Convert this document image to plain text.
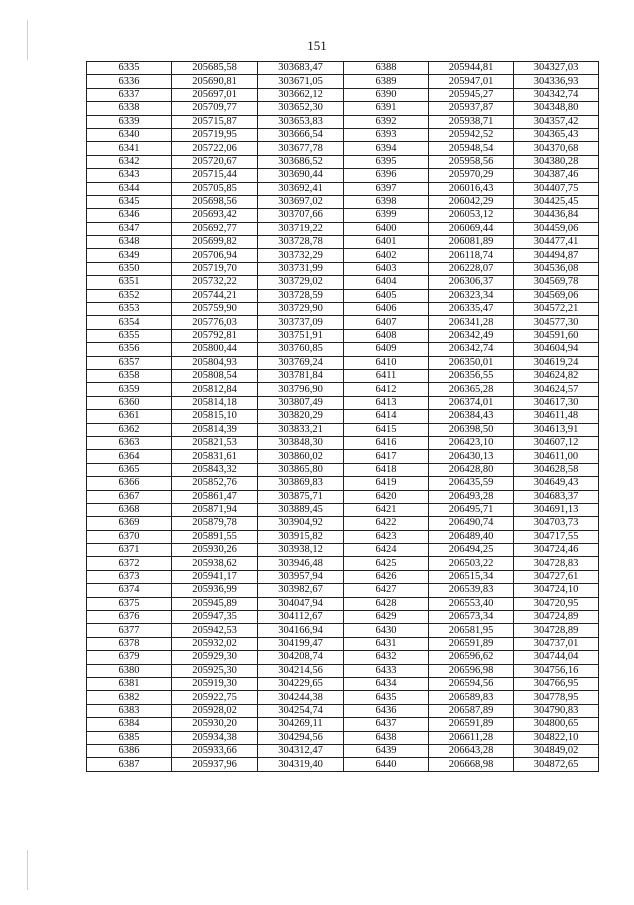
151
6335	205685,58	303683,47	6388	205944,81	304327,03
6336	205690,81	303671,05	6389	205947,01	304336,93
6337	205697,01	303662,12	6390	205945,27	304342,74
6338	205709,77	303652,30	6391	205937,87	304348,80
6339	205715,87	303653,83	6392	205938,71	304357,42
6340	205719,95	303666,54	6393	205942,52	304365,43
6341	205722,06	303677,78	6394	205948,54	304370,68
6342	205720,67	303686,52	6395	205958,56	304380,28
6343	205715,44	303690,44	6396	205970,29	304387,46
6344	205705,85	303692,41	6397	206016,43	304407,75
6345	205698,56	303697,02	6398	206042,29	304425,45
6346	205693,42	303707,66	6399	206053,12	304436,84
6347	205692,77	303719,22	6400	206069,44	304459,06
6348	205699,82	303728,78	6401	206081,89	304477,41
6349	205706,94	303732,29	6402	206118,74	304494,87
6350	205719,70	303731,99	6403	206228,07	304536,08
6351	205732,22	303729,02	6404	206306,37	304569,78
6352	205744,21	303728,59	6405	206323,34	304569,06
6353	205759,90	303729,90	6406	206335,47	304572,21
6354	205776,03	303737,09	6407	206341,28	304577,30
6355	205792,81	303751,91	6408	206342,49	304591,60
6356	205800,44	303760,85	6409	206342,74	304604,94
6357	205804,93	303769,24	6410	206350,01	304619,24
6358	205808,54	303781,84	6411	206356,55	304624,82
6359	205812,84	303796,90	6412	206365,28	304624,57
6360	205814,18	303807,49	6413	206374,01	304617,30
6361	205815,10	303820,29	6414	206384,43	304611,48
6362	205814,39	303833,21	6415	206398,50	304613,91
6363	205821,53	303848,30	6416	206423,10	304607,12
6364	205831,61	303860,02	6417	206430,13	304611,00
6365	205843,32	303865,80	6418	206428,80	304628,58
6366	205852,76	303869,83	6419	206435,59	304649,43
6367	205861,47	303875,71	6420	206493,28	304683,37
6368	205871,94	303889,45	6421	206495,71	304691,13
6369	205879,78	303904,92	6422	206490,74	304703,73
6370	205891,55	303915,82	6423	206489,40	304717,55
6371	205930,26	303938,12	6424	206494,25	304724,46
6372	205938,62	303946,48	6425	206503,22	304728,83
6373	205941,17	303957,94	6426	206515,34	304727,61
6374	205936,99	303982,67	6427	206539,83	304724,10
6375	205945,89	304047,94	6428	206553,40	304720,95
6376	205947,35	304112,67	6429	206573,34	304724,89
6377	205942,53	304166,94	6430	206581,95	304728,89
6378	205932,02	304199,47	6431	206591,89	304737,01
6379	205929,30	304208,74	6432	206596,62	304744,04
6380	205925,30	304214,56	6433	206596,98	304756,16
6381	205919,30	304229,65	6434	206594,56	304766,95
6382	205922,75	304244,38	6435	206589,83	304778,95
6383	205928,02	304254,74	6436	206587,89	304790,83
6384	205930,20	304269,11	6437	206591,89	304800,65
6385	205934,38	304294,56	6438	206611,28	304822,10
6386	205933,66	304312,47	6439	206643,28	304849,02
6387	205937,96	304319,40	6440	206668,98	304872,65
